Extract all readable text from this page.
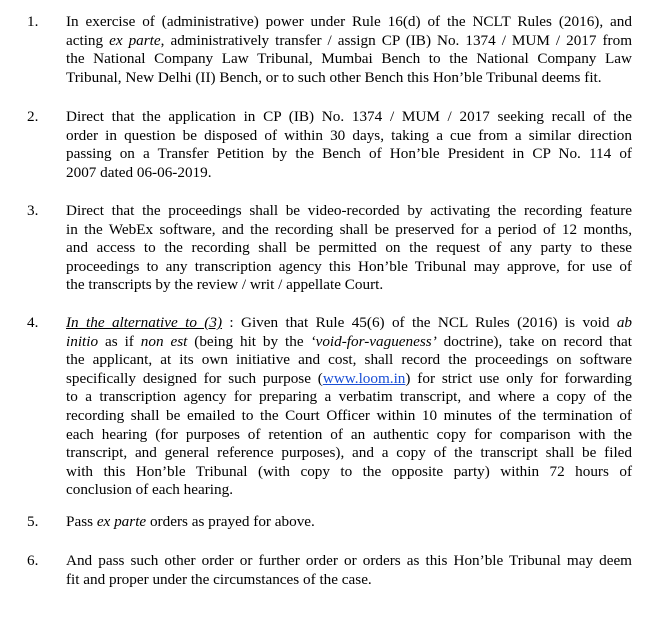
1. In exercise of (administrative) power under Rule 16(d) of the NCLT Rules (2016), and
acting ex parte, administratively transfer / assign CP (IB) No. 1374 / MUM / 2017 from
the National Company Law Tribunal, Mumbai Bench to the National Company Law
Tribunal, New Delhi (II) Bench, or to such other Bench this Hon’ble Tribunal deems fit.
2. Direct that the application in CP (IB) No. 1374 / MUM / 2017 seeking recall of the
order in question be disposed of within 30 days, taking a cue from a similar direction
passing on a Transfer Petition by the Bench of Hon’ble President in CP No. 114 of
2007 dated 06-06-2019.
3. Direct that the proceedings shall be video-recorded by activating the recording feature
in the WebEx software, and the recording shall be preserved for a period of 12 months,
and access to the recording shall be permitted on the request of any party to these
proceedings to any transcription agency this Hon’ble Tribunal may approve, for use of
the transcripts by the review / writ / appellate Court.
4. In the alternative to (3) : Given that Rule 45(6) of the NCL Rules (2016) is void ab
initio as if non est (being hit by the ‘void-for-vagueness’ doctrine), take on record that
the applicant, at its own initiative and cost, shall record the proceedings on software
specifically designed for such purpose (www.loom.in) for strict use only for forwarding
to a transcription agency for preparing a verbatim transcript, and where a copy of the
recording shall be emailed to the Court Officer within 10 minutes of the termination of
each hearing (for purposes of retention of an authentic copy for comparison with the
transcript, and general reference purposes), and a copy of the transcript shall be filed
with this Hon’ble Tribunal (with copy to the opposite party) within 72 hours of
conclusion of each hearing.
5. Pass ex parte orders as prayed for above.
6. And pass such other order or further order or orders as this Hon’ble Tribunal may deem
fit and proper under the circumstances of the case.
